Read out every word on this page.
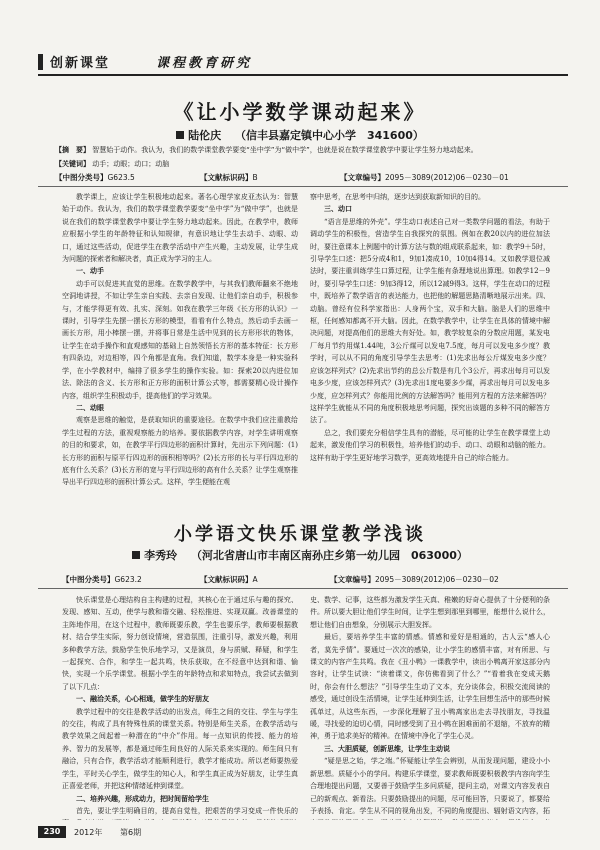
创新课堂	课程教育研究
《让小学数学课动起来》
陆伦庆 （信丰县嘉定镇中心小学　341600）
【摘　要】 智慧始于动作。我认为，我们的数学课堂教学要变“坐中学”为“做中学”，也就是说在数学课堂教学中要让学生努力地动起来。
【关键词】 动手；动眼；动口；动脑
【中图分类号】G623.5	【文献标识码】B	【文章编号】2095－3089(2012)06－0230－01

教学课上，应该让学生积极地动起来。著名心理学家皮亚杰认为：智慧始于动作。我认为，我们的数学课堂教学要变“坐中学”为“做中学”，也就是说在我们的数学课堂教学中要让学生努力地动起来。因此，在教学中，教师应根据小学生的年龄特征和认知规律，有意识地让学生去动手、动眼、动口，通过这些活动，促进学生在教学活动中产生兴趣，主动发展，让学生成为问题的探索者和解决者，真正成为学习的主人。

一、动手

动手可以促进其直觉的思维。在数学教学中，与其我们教师翻来不绝地空洞地讲授，不如让学生亲自实践、去亲自发现、让他们亲自动手，积极参与，才能学得更有效、扎实、深刻。如我在教学三年级《长方形的认识》一课时，引导学生先摆一摆长方形的模型，看看有什么特点，然后动手去画一画长方形，用小棒摆一摆，并将事日常是生活中见到的长方形形状的物体，让学生在动手操作和直观感知的基础上自然领悟长方形的基本特征：长方形有四条边，对边相等，四个角都是直角。我们知道，数学本身是一种实验科学，在小学教材中，编排了很多学生的操作实验。如：探索20以内进位加法、除法的含义、长方形和正方形的面积计算公式等，都需要精心设计操作内容，组织学生积极动手，提高他们的学习效果。

二、动眼

观察是思维的触觉，是获取知识的重要途径。在数学中我们应注重教给学生过程的方法，重视观察能力的培养。要依据教学内容，对学生讲明观察的目的和要求，如，在教学平行四边形的面积计算时，先出示下列问题：(1)长方形的面积与原平行四边形的面积相等吗？(2)长方形的长与平行四边形的底有什么关系？(3)长方形的宽与平行四边形的高有什么关系？让学生观察推导出平行四边形的面积计算公式。这样，学生便能在观

察中思考，在思考中归纳，逐步达到获取新知识的目的。

三、动口

“语言是思维的外壳”。学生动口表述自己对一类数学问题的看法，有助于调动学生的积极性，营造学生自我探究的氛围。例如在教20以内的进位加法时，要注意课本上例题中的计算方法与数的组成联系起来，如：教学9＋5时，引导学生口述：把5分成4和1，9加1凑成10，10加4得14。又如教学退位减法时，要注重训练学生口算过程，让学生能有条理地说出算理。如教学12－9时，要引导学生口述：9加3得12，所以12减9得3。这样，学生在动口的过程中，既培养了数学语言的表达能力，也把他的解题思路清晰地展示出来。四、动脑。曾经有位科学家指出：人身两个宝，双手和大脑。脑是人们的思维中枢，任何感知都离不开大脑。因此，在数学教学中，让学生在具体的情境中解决问题，对提高他们的思维大有好处。如，教学较复杂的分数应用题，某发电厂每月节约用煤1.44吨，3公斤煤可以发电7.5度，每月可以发电多少度？教学时，可以从不同的角度引导学生去思考：(1)先求出每公斤煤发电多少度？应该怎样列式？(2)先求出节约的总公斤数是有几个3公斤，再求出每月可以发电多少度，应该怎样列式？(3)先求出1度电要多少煤，再求出每月可以发电多少度，应怎样列式？你能用比例的方法解答吗？能用列方程的方法来解答吗？这样学生就能从不同的角度积极地思考问题，探究出该题的多种不同的解答方法了。

总之，我们要充分相信学生具有的潜能，尽可能的让学生在教学课堂上动起来，激发他们学习的积极性，培养他们的动手、动口、动眼和动脑的能力。这样有助于学生更好地学习数学，更高效地提升自己的综合能力。

小学语文快乐课堂教学浅谈
李秀玲 （河北省唐山市丰南区南孙庄乡第一幼儿园　063000）
【中图分类号】G623.2	【文献标识码】A	【文章编号】2095－3089(2012)06－0230－02

快乐课堂是心理结构自主构建的过程，其核心在于通过乐与趣的探究、发现、感知、互动，使学与教和谐交融、轻松推进、实现双赢。改善课堂的主阵地作用，在这个过程中，教师既要乐教，学生也要乐学，教师要根据教材、结合学生实际，努力创设情境，营造氛围，注重引导，激发兴趣，利用多种教学方法，鼓励学生快乐地学习，又是演员，身与质赋、释疑，和学生一起探究、合作，和学生一起共鸣，快乐获取，在不经意中达到和谐、愉快，实现一个乐学课堂。根据小学生的年龄特点和求知特点，我尝试去做到了以下几点：

一、融洽关系，心心相通，做学生的好朋友

教学过程中的交往是教学活动的出发点，师生之间的交往、学生与学生的交往，构成了具有特殊性质的课堂关系。特别是师生关系，在教学活动与教学效果之间起着一种潜在的“中介”作用。每一点知识的传授、能力的培养、智力的发展等，都是通过师生间良好的人际关系来实现的。师生间只有融洽，只有合作，教学活动才能顺利进行，教学才能成功。所以老师要热爱学生，平时关心学生，做学生的知心人，和学生真正成为好朋友，让学生真正喜爱老师，并把这种情绪延伸到课堂。

二、培养兴趣，形成动力，把时间留给学生

首先，要让学生明确目的，提高自觉性，把艰苦的学习变成一件快乐的

史、数学、记事，这些都为激发学生天真、稚嫩的好奇心提供了十分便利的条件。所以要大胆让他们学生时间，让学生想到那里到哪里，能想什么说什么，想让他们自由想象，分别展示大胆发挥。

最后，要培养学生丰富的情感。情感和爱好是相通的，古人云“感人心者，莫先乎情”。要通过一次次的感染，让小学生的感情丰富，对有所思、与课文的内容产生共鸣。我在《丑小鸭》一课教学中，读出小鸭离开家这部分内容时，让学生试读：“读着课文，你仿佛看到了什么？”“看着我在变成天鹅时，你会有什么想法？”引导学生生动了文本，充分谈体会，积极交流阅读的感受，通过创设生活情境，让学生延伸到生活，让学生回想生活中的那些时候孤单过，从这些东西，一步深化理解了丑小鸭离家出走去寻找朋友，寻找温暖，寻找爱的迫切心情，同时感受到了丑小鸭在困难面前不退缩，不放弃的精神，勇于追求美好的精神。在情境中净化了学生心灵。

三、大胆质疑，创新思维，让学生主动说

“疑是思之始，学之端。”怀疑能让学生会辨别，从而发现问题，建设小小新思想。质疑小小的学问。构建乐学课堂，要求教师既要积极教学内容向学生合理地提出问题，又要善于鼓励学生多问质疑，提问主动，对课文内容发表自己的新观点、新看法。只要鼓励提出的问题，尽可能回答，只要说了，都要给予表扬、肯定。学生从不同的视角出发，不同的角度提出、辐射语文内容，拓

230	2012年 第6期
